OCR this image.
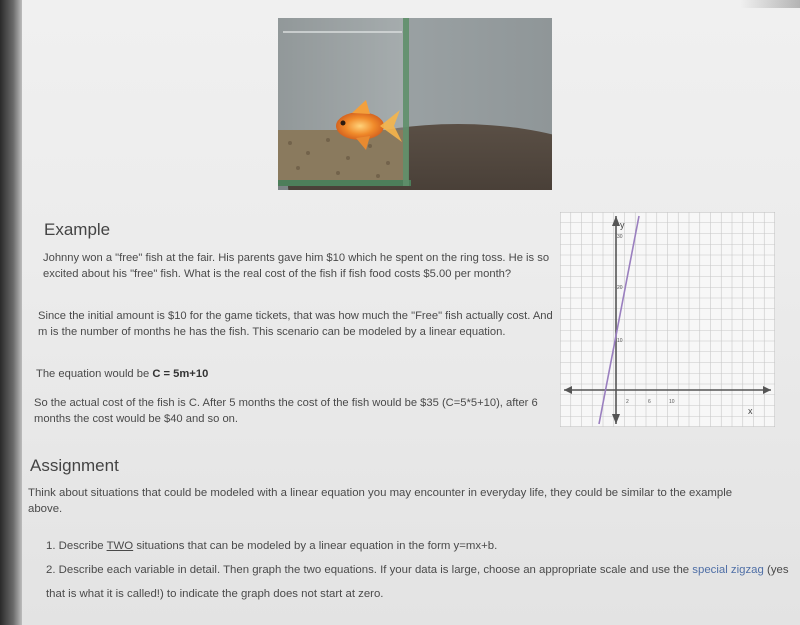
Example
Johnny won a "free" fish at the fair. His parents gave him $10 which he spent on the ring toss. He is so excited about his "free" fish. What is the real cost of the fish if fish food costs $5.00 per month?
Since the initial amount is $10 for the game tickets, that was how much the "Free" fish actually cost. And m is the number of months he has the fish. This scenario can be modeled by a linear equation.
The equation would be C = 5m+10
So the actual cost of the fish is C. After 5 months the cost of the fish would be $35 (C=5*5+10), after 6 months the cost would be $40 and so on.
y
x
30
20
10
2	6	10
Assignment
Think about situations that could be modeled with a linear equation you may encounter in everyday life, they could be similar to the example above.
1. Describe TWO situations that can be modeled by a linear equation in the form y=mx+b.
2. Describe each variable in detail. Then graph the two equations. If your data is large, choose an appropriate scale and use the special zigzag (yes that is what it is called!) to indicate the graph does not start at zero.
